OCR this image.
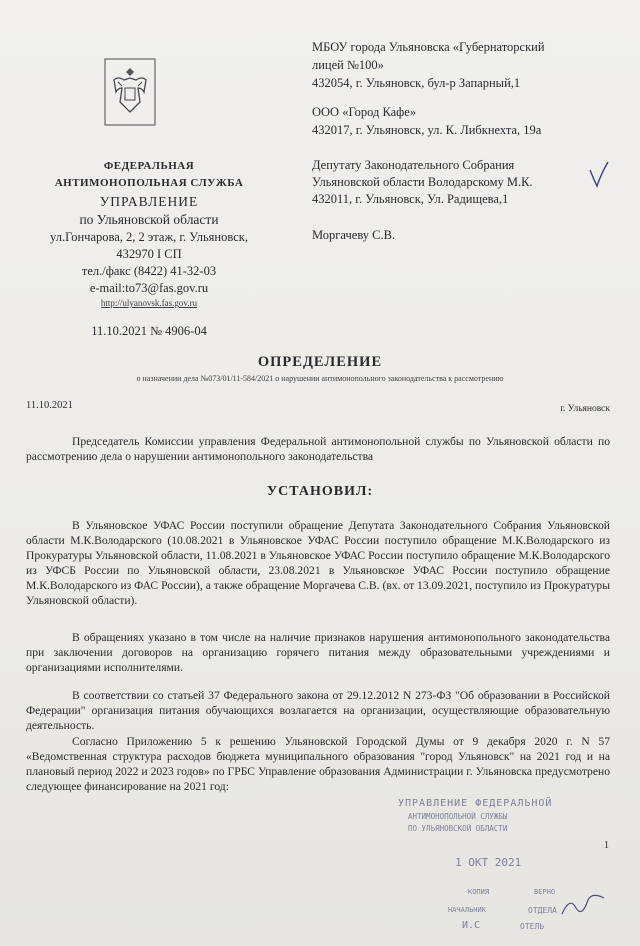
ФЕДЕРАЛЬНАЯ
АНТИМОНОПОЛЬНАЯ СЛУЖБА
УПРАВЛЕНИЕ
по Ульяновской области
ул.Гончарова, 2, 2 этаж, г. Ульяновск,
432970 I СП
тел./факс (8422) 41-32-03
e-mail:to73@fas.gov.ru
http://ulyanovsk.fas.gov.ru
11.10.2021 № 4906-04
МБОУ города Ульяновска «Губернаторский
лицей №100»
432054, г. Ульяновск, бул-р Запарный,1
ООО «Город Кафе»
432017, г. Ульяновск, ул. К. Либкнехта, 19а
Депутату Законодательного Собрания
Ульяновской области Володарскому М.К.
432011, г. Ульяновск, Ул. Радищева,1
Моргачеву С.В.
ОПРЕДЕЛЕНИЕ
о назначении дела №073/01/11-584/2021 о нарушении антимонопольного законодательства к рассмотрению
11.10.2021	г. Ульяновск
Председатель Комиссии управления Федеральной антимонопольной службы по Ульяновской области по рассмотрению дела о нарушении антимонопольного законодательства
УСТАНОВИЛ:
В Ульяновское УФАС России поступили обращение Депутата Законодательного Собрания Ульяновской области М.К.Володарского (10.08.2021 в Ульяновское УФАС России поступило обращение М.К.Володарского из Прокуратуры Ульяновской области, 11.08.2021 в Ульяновское УФАС России поступило обращение М.К.Володарского из УФСБ России по Ульяновской области, 23.08.2021 в Ульяновское УФАС России поступило обращение М.К.Володарского из ФАС России), а также обращение Моргачева С.В. (вх. от 13.09.2021, поступило из Прокуратуры Ульяновской области).
В обращениях указано в том числе на наличие признаков нарушения антимонопольного законодательства при заключении договоров на организацию горячего питания между образовательными учреждениями и организациями исполнителями.
В соответствии со статьей 37 Федерального закона от 29.12.2012 N 273-ФЗ "Об образовании в Российской Федерации" организация питания обучающихся возлагается на организации, осуществляющие образовательную деятельность.
Согласно Приложению 5 к решению Ульяновской Городской Думы от 9 декабря 2020 г. N 57 «Ведомственная структура расходов бюджета муниципального образования "город Ульяновск" на 2021 год и на плановый период 2022 и 2023 годов» по ГРБС Управление образования Администрации г. Ульяновска предусмотрено следующее финансирование на 2021 год:
УПРАВЛЕНИЕ ФЕДЕРАЛЬНОЙ
АНТИМОНОПОЛЬНОЙ СЛУЖБЫ
ПО УЛЬЯНОВСКОЙ ОБЛАСТИ
1 ОКТ 2021
1
КОПИЯ
НАЧАЛЬНИК
И.С
ВЕРНО
ОТДЕЛА
ОТЕЛЬ
